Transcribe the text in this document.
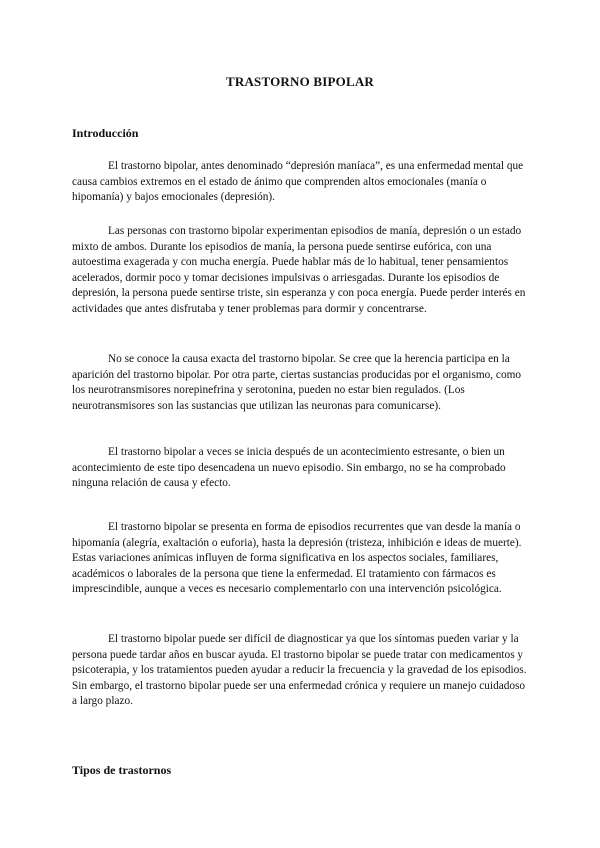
TRASTORNO BIPOLAR
Introducción

El trastorno bipolar, antes denominado “depresión maníaca”, es una enfermedad mental que causa cambios extremos en el estado de ánimo que comprenden altos emocionales (manía o hipomanía) y bajos emocionales (depresión).

Las personas con trastorno bipolar experimentan episodios de manía, depresión o un estado mixto de ambos. Durante los episodios de manía, la persona puede sentirse eufórica, con una autoestima exagerada y con mucha energía. Puede hablar más de lo habitual, tener pensamientos acelerados, dormir poco y tomar decisiones impulsivas o arriesgadas. Durante los episodios de depresión, la persona puede sentirse triste, sin esperanza y con poca energía. Puede perder interés en actividades que antes disfrutaba y tener problemas para dormir y concentrarse.

No se conoce la causa exacta del trastorno bipolar. Se cree que la herencia participa en la aparición del trastorno bipolar. Por otra parte, ciertas sustancias producidas por el organismo, como los neurotransmisores norepinefrina y serotonina, pueden no estar bien regulados. (Los neurotransmisores son las sustancias que utilizan las neuronas para comunicarse).

El trastorno bipolar a veces se inicia después de un acontecimiento estresante, o bien un acontecimiento de este tipo desencadena un nuevo episodio. Sin embargo, no se ha comprobado ninguna relación de causa y efecto.

El trastorno bipolar se presenta en forma de episodios recurrentes que van desde la manía o hipomanía (alegría, exaltación o euforia), hasta la depresión (tristeza, inhibición e ideas de muerte). Estas variaciones anímicas influyen de forma significativa en los aspectos sociales, familiares, académicos o laborales de la persona que tiene la enfermedad. El tratamiento con fármacos es imprescindible, aunque a veces es necesario complementarlo con una intervención psicológica.

El trastorno bipolar puede ser difícil de diagnosticar ya que los síntomas pueden variar y la persona puede tardar años en buscar ayuda. El trastorno bipolar se puede tratar con medicamentos y psicoterapia, y los tratamientos pueden ayudar a reducir la frecuencia y la gravedad de los episodios. Sin embargo, el trastorno bipolar puede ser una enfermedad crónica y requiere un manejo cuidadoso a largo plazo.

Tipos de trastornos
